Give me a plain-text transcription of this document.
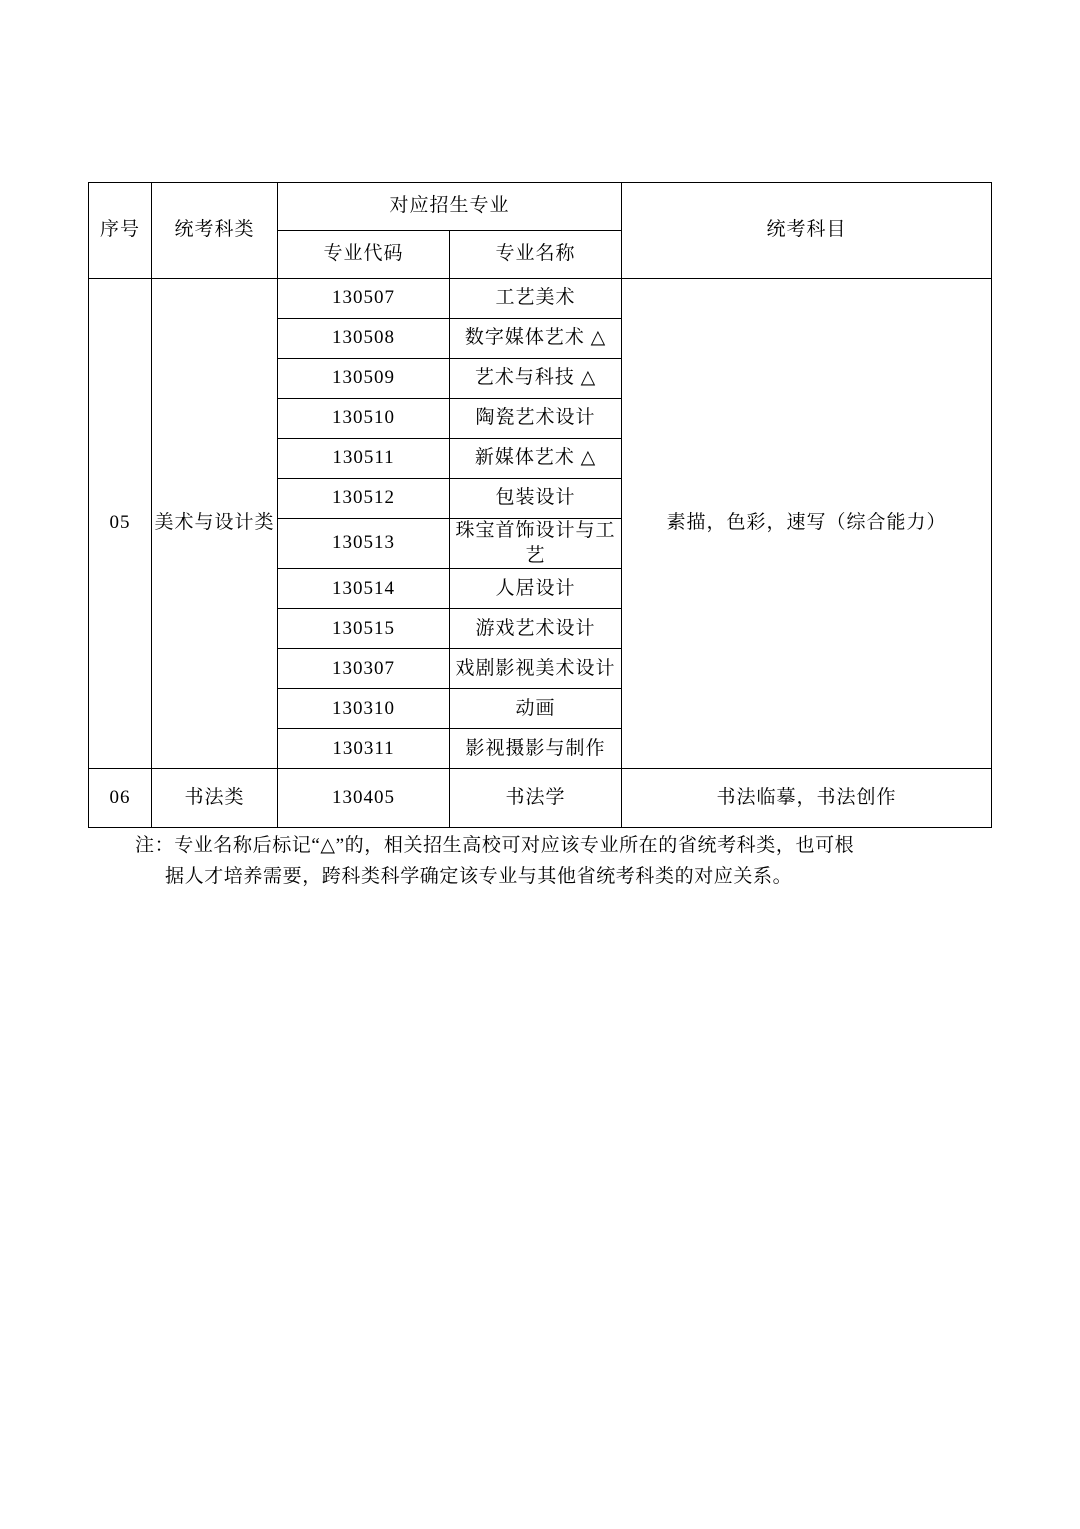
序号	统考科类	对应招生专业		统考科目
		专业代码	专业名称	
05	美术与设计类	130507	工艺美术	素描，色彩，速写（综合能力）
		130508	数字媒体艺术 △	
		130509	艺术与科技 △	
		130510	陶瓷艺术设计	
		130511	新媒体艺术 △	
		130512	包装设计	
		130513	珠宝首饰设计与工艺	
		130514	人居设计	
		130515	游戏艺术设计	
		130307	戏剧影视美术设计	
		130310	动画	
		130311	影视摄影与制作	
06	书法类	130405	书法学	书法临摹，书法创作
注：专业名称后标记“△”的，相关招生高校可对应该专业所在的省统考科类，也可根
据人才培养需要，跨科类科学确定该专业与其他省统考科类的对应关系。
